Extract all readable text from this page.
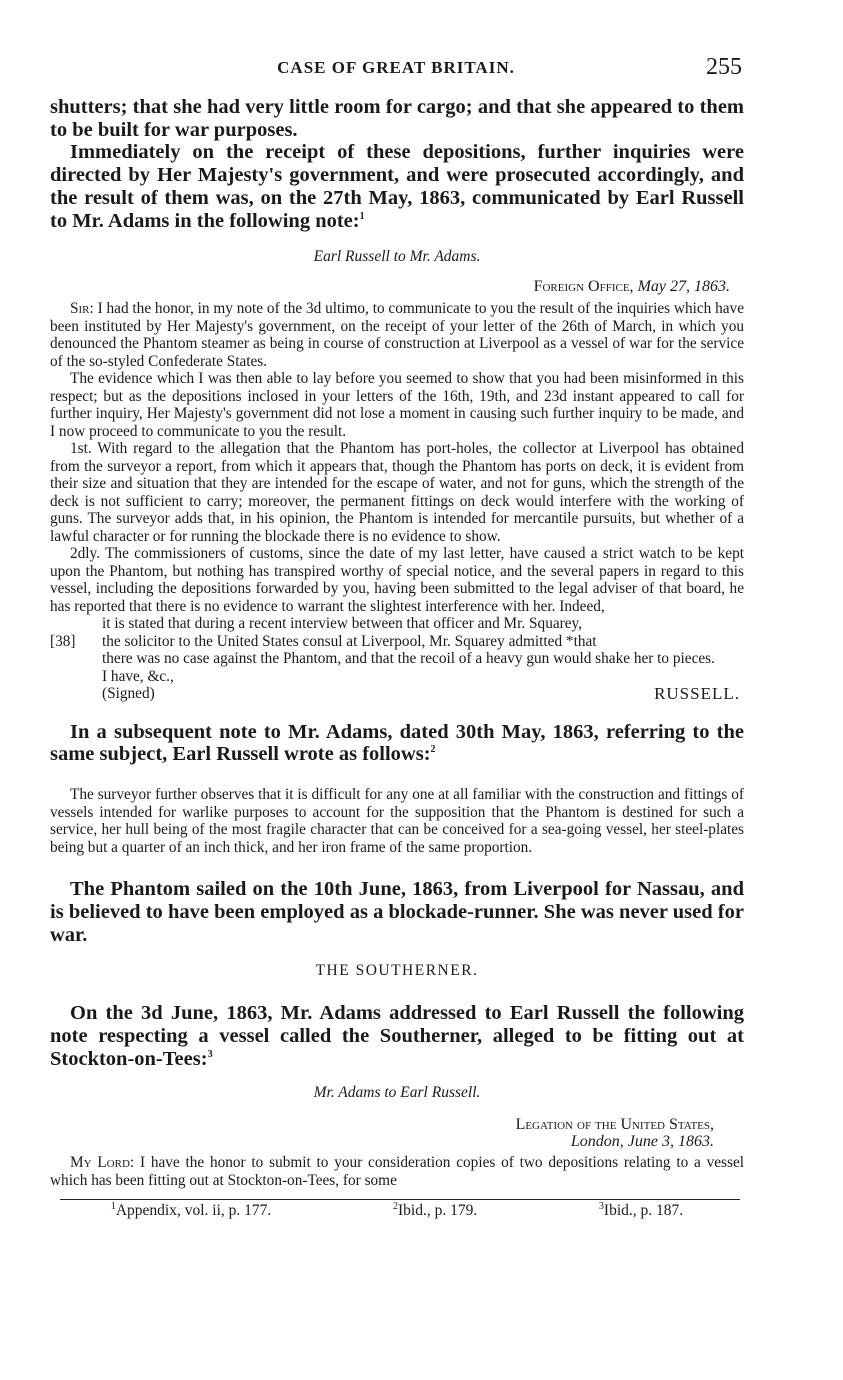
CASE OF GREAT BRITAIN.	255

shutters; that she had very little room for cargo; and that she appeared to them to be built for war purposes.

Immediately on the receipt of these depositions, further inquiries were directed by Her Majesty's government, and were prosecuted accordingly, and the result of them was, on the 27th May, 1863, communicated by Earl Russell to Mr. Adams in the following note:$^1$

Earl Russell to Mr. Adams.

Foreign Office, May 27, 1863.

Sir: I had the honor, in my note of the 3d ultimo, to communicate to you the result of the inquiries which have been instituted by Her Majesty's government, on the receipt of your letter of the 26th of March, in which you denounced the Phantom steamer as being in course of construction at Liverpool as a vessel of war for the service of the so-styled Confederate States.

The evidence which I was then able to lay before you seemed to show that you had been misinformed in this respect; but as the depositions inclosed in your letters of the 16th, 19th, and 23d instant appeared to call for further inquiry, Her Majesty's government did not lose a moment in causing such further inquiry to be made, and I now proceed to communicate to you the result.

1st. With regard to the allegation that the Phantom has port-holes, the collector at Liverpool has obtained from the surveyor a report, from which it appears that, though the Phantom has ports on deck, it is evident from their size and situation that they are intended for the escape of water, and not for guns, which the strength of the deck is not sufficient to carry; moreover, the permanent fittings on deck would interfere with the working of guns. The surveyor adds that, in his opinion, the Phantom is intended for mercantile pursuits, but whether of a lawful character or for running the blockade there is no evidence to show.

2dly. The commissioners of customs, since the date of my last letter, have caused a strict watch to be kept upon the Phantom, but nothing has transpired worthy of special notice, and the several papers in regard to this vessel, including the depositions forwarded by you, having been submitted to the legal adviser of that board, he has reported that there is no evidence to warrant the slightest interference with her. Indeed,

it is stated that during a recent interview between that officer and Mr. Squarey,

[38] the solicitor to the United States consul at Liverpool, Mr. Squarey admitted *that

there was no case against the Phantom, and that the recoil of a heavy gun would shake her to pieces.

I have, &c.,

(Signed)	RUSSELL.

In a subsequent note to Mr. Adams, dated 30th May, 1863, referring to the same subject, Earl Russell wrote as follows:$^2$

The surveyor further observes that it is difficult for any one at all familiar with the construction and fittings of vessels intended for warlike purposes to account for the supposition that the Phantom is destined for such a service, her hull being of the most fragile character that can be conceived for a sea-going vessel, her steel-plates being but a quarter of an inch thick, and her iron frame of the same proportion.

The Phantom sailed on the 10th June, 1863, from Liverpool for Nassau, and is believed to have been employed as a blockade-runner. She was never used for war.

THE SOUTHERNER.

On the 3d June, 1863, Mr. Adams addressed to Earl Russell the following note respecting a vessel called the Southerner, alleged to be fitting out at Stockton-on-Tees:$^3$

Mr. Adams to Earl Russell.

Legation of the United States,
London, June 3, 1863.

My Lord: I have the honor to submit to your consideration copies of two depositions relating to a vessel which has been fitting out at Stockton-on-Tees, for some

$^1$Appendix, vol. ii, p. 177.	$^2$Ibid., p. 179.	$^3$Ibid., p. 187.
